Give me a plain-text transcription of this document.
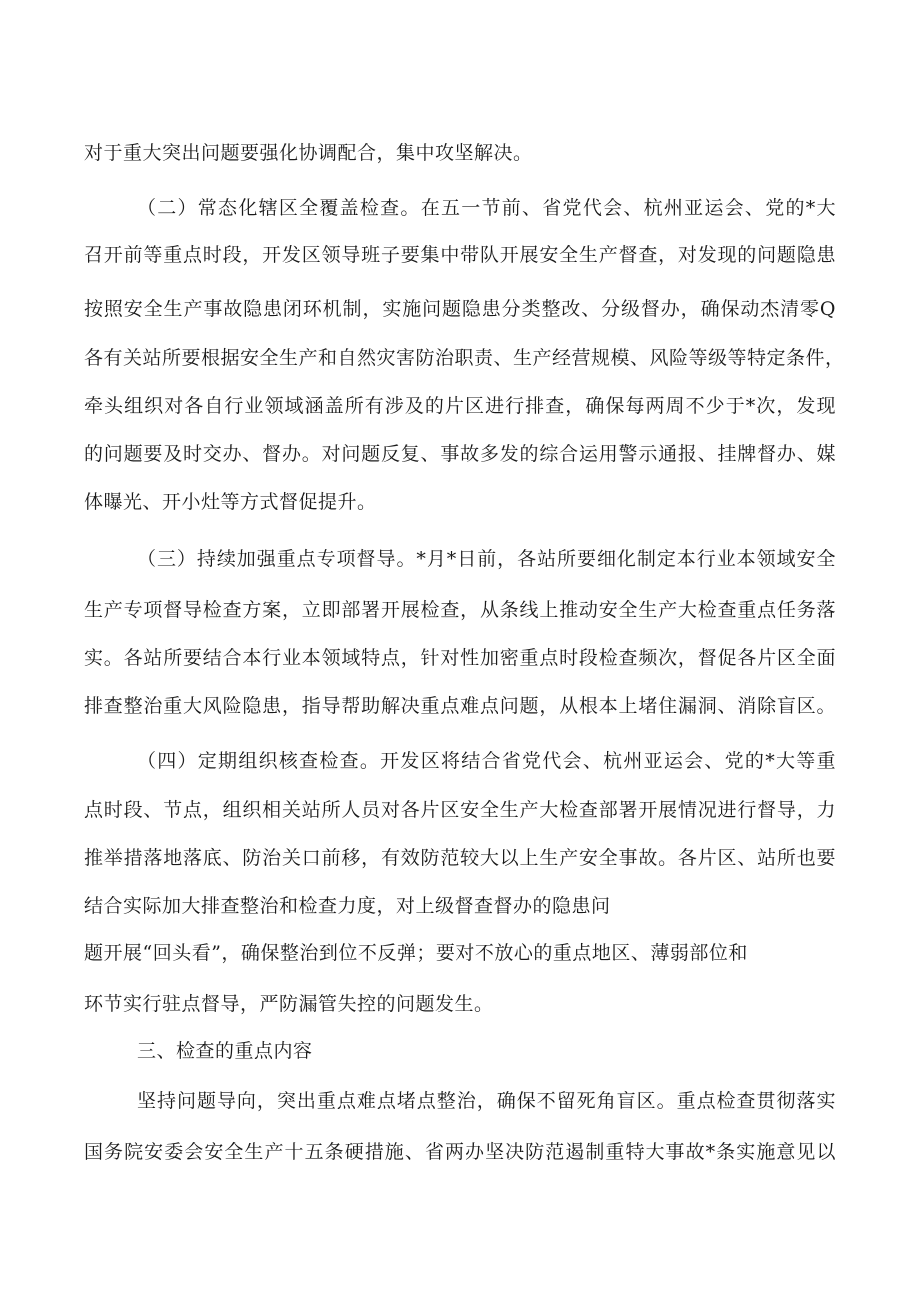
对于重大突出问题要强化协调配合，集中攻坚解决。
（二）常态化辖区全覆盖检查。在五一节前、省党代会、杭州亚运会、党的*大
召开前等重点时段，开发区领导班子要集中带队开展安全生产督查，对发现的问题隐患
按照安全生产事故隐患闭环机制，实施问题隐患分类整改、分级督办，确保动杰清零Q
各有关站所要根据安全生产和自然灾害防治职责、生产经营规模、风险等级等特定条件，
牵头组织对各自行业领域涵盖所有涉及的片区进行排查，确保每两周不少于*次，发现
的问题要及时交办、督办。对问题反复、事故多发的综合运用警示通报、挂牌督办、媒
体曝光、开小灶等方式督促提升。
（三）持续加强重点专项督导。*月*日前，各站所要细化制定本行业本领域安全
生产专项督导检查方案，立即部署开展检查，从条线上推动安全生产大检查重点任务落
实。各站所要结合本行业本领域特点，针对性加密重点时段检查频次，督促各片区全面
排查整治重大风险隐患，指导帮助解决重点难点问题，从根本上堵住漏洞、消除盲区。
（四）定期组织核查检查。开发区将结合省党代会、杭州亚运会、党的*大等重
点时段、节点，组织相关站所人员对各片区安全生产大检查部署开展情况进行督导，力
推举措落地落底、防治关口前移，有效防范较大以上生产安全事故。各片区、站所也要
结合实际加大排查整治和检查力度，对上级督查督办的隐患问
题开展“回头看”，确保整治到位不反弹；要对不放心的重点地区、薄弱部位和
环节实行驻点督导，严防漏管失控的问题发生。
三、检查的重点内容
坚持问题导向，突出重点难点堵点整治，确保不留死角盲区。重点检查贯彻落实
国务院安委会安全生产十五条硬措施、省两办坚决防范遏制重特大事故*条实施意见以
